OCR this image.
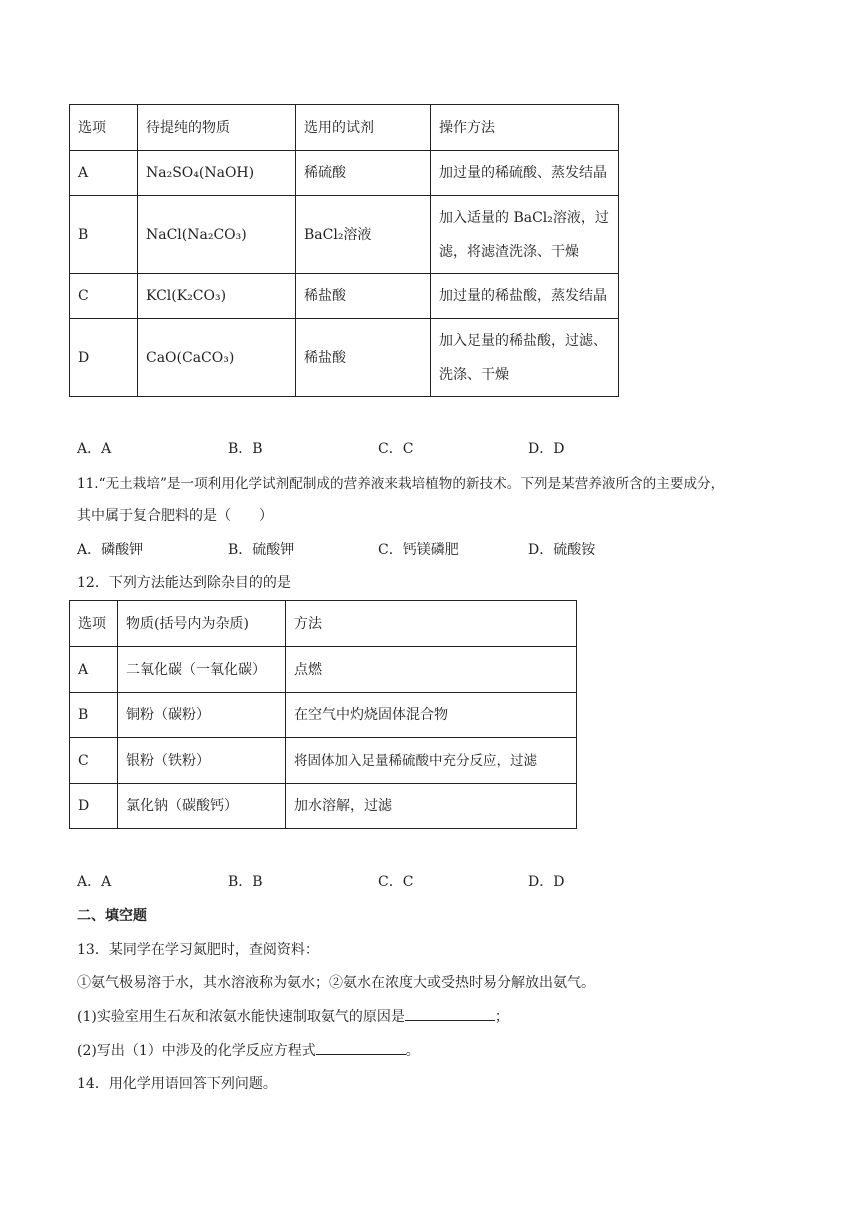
选项	待提纯的物质	选用的试剂	操作方法
A	Na₂SO₄(NaOH)	稀硫酸	加过量的稀硫酸、蒸发结晶
B	NaCl(Na₂CO₃)	BaCl₂溶液	加入适量的 BaCl₂溶液，过
滤，将滤渣洗涤、干燥

C	KCl(K₂CO₃)	稀盐酸	加过量的稀盐酸，蒸发结晶
D	CaO(CaCO₃)	稀盐酸	加入足量的稀盐酸，过滤、
洗涤、干燥
A．A	B．B	C．C	D．D
11.“无土栽培”是一项利用化学试剂配制成的营养液来栽培植物的新技术。下列是某营养液所含的主要成分，
其中属于复合肥料的是（　　）
A．磷酸钾	B．硫酸钾	C．钙镁磷肥	D．硫酸铵
12．下列方法能达到除杂目的的是
选项	物质(括号内为杂质)	方法
A	二氧化碳（一氧化碳）	点燃
B	铜粉（碳粉）	在空气中灼烧固体混合物
C	银粉（铁粉）	将固体加入足量稀硫酸中充分反应，过滤
D	氯化钠（碳酸钙）	加水溶解，过滤
A．A	B．B	C．C	D．D
二、填空题
13．某同学在学习氮肥时，查阅资料：
①氨气极易溶于水，其水溶液称为氨水；②氨水在浓度大或受热时易分解放出氨气。
(1)实验室用生石灰和浓氨水能快速制取氨气的原因是	；
(2)写出（1）中涉及的化学反应方程式	。
14．用化学用语回答下列问题。
